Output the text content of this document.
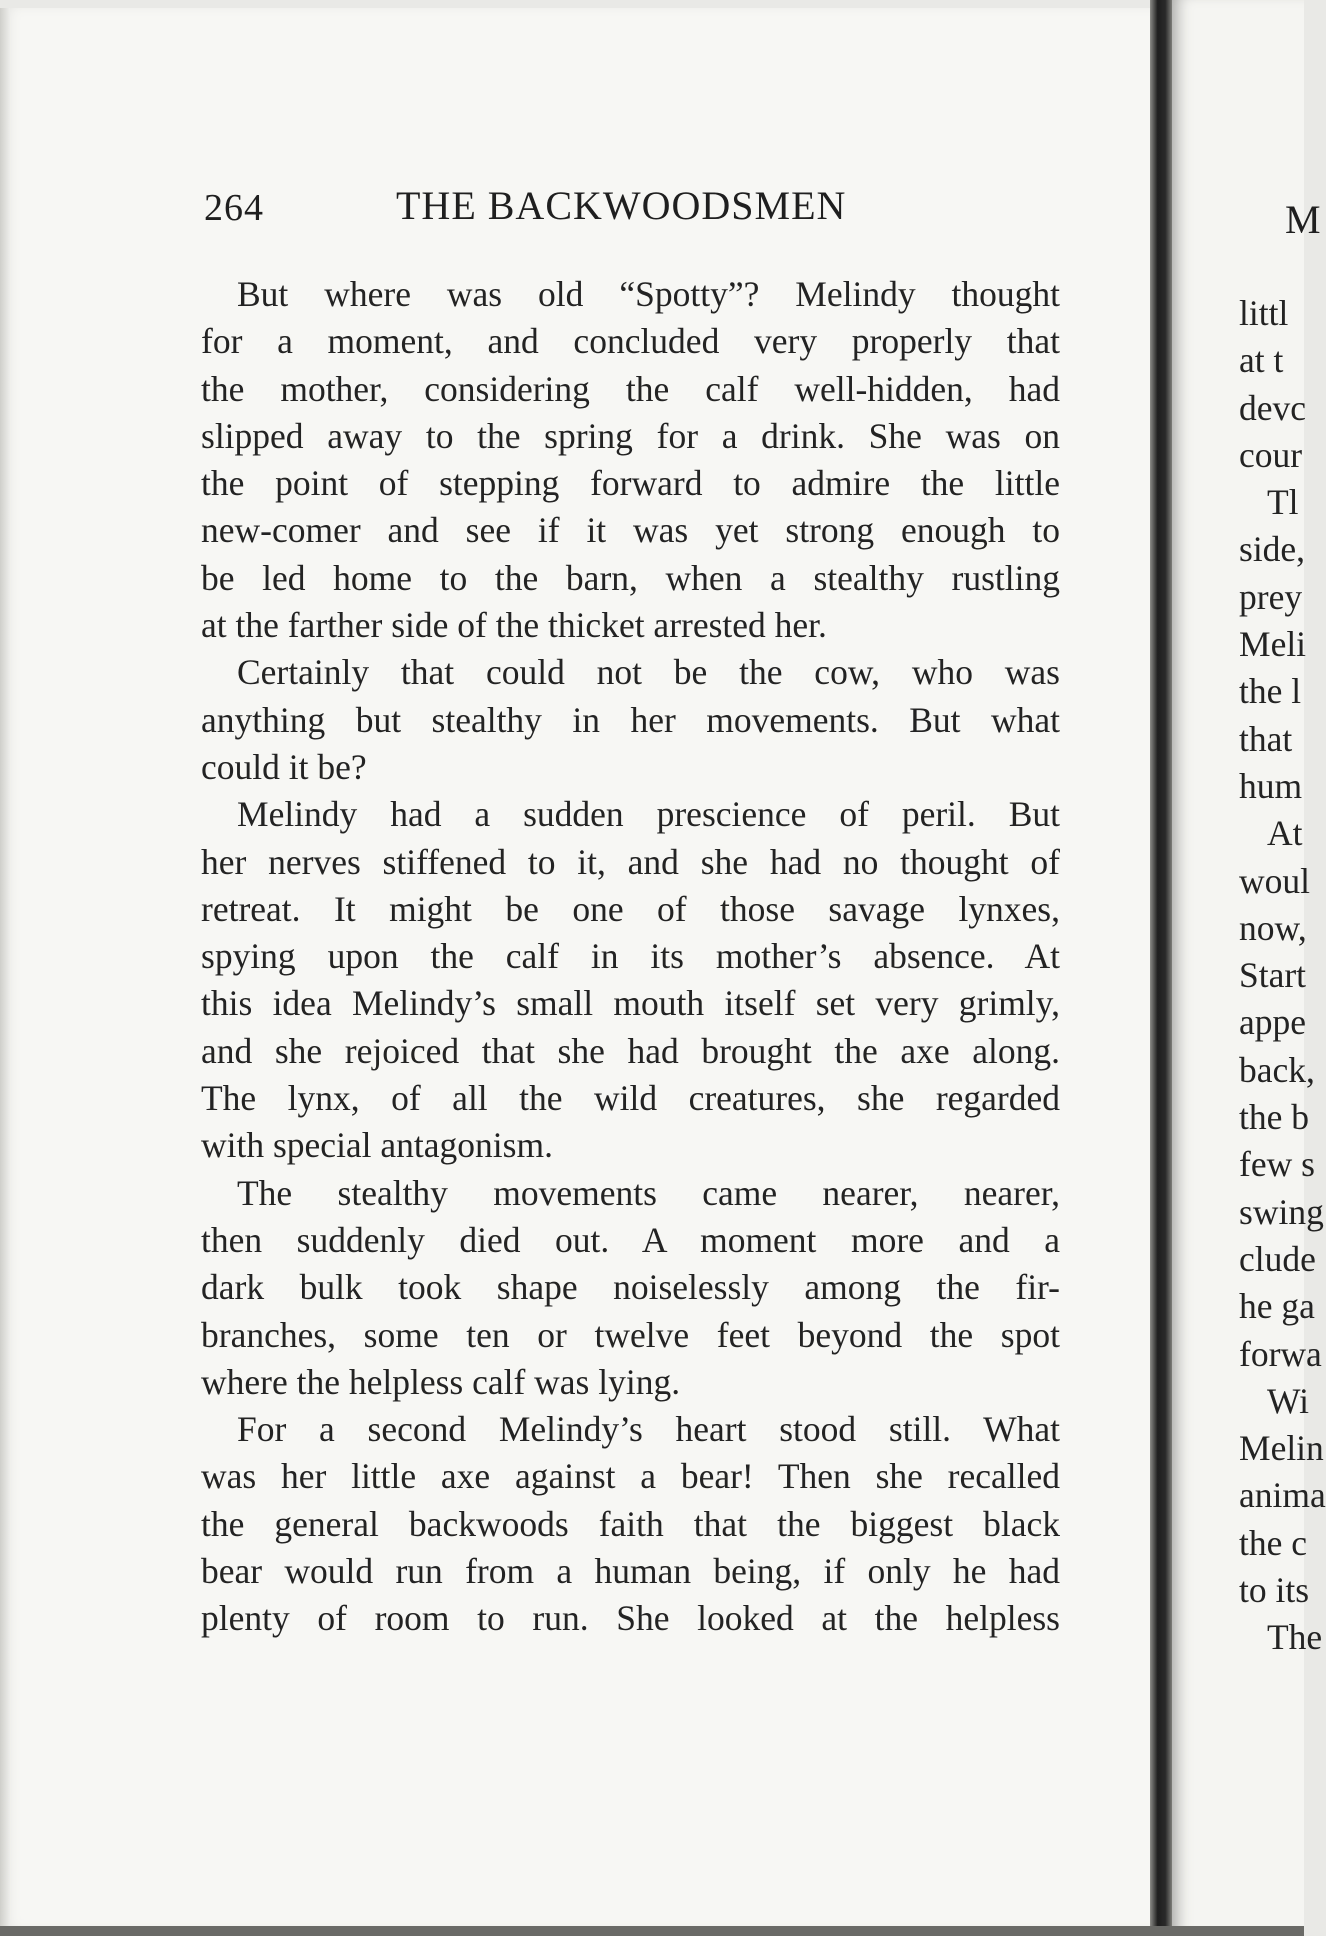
264	THE BACKWOODSMEN
But where was old “Spotty”? Melindy thought
for a moment, and concluded very properly that
the mother, considering the calf well-hidden, had
slipped away to the spring for a drink. She was on
the point of stepping forward to admire the little
new-comer and see if it was yet strong enough to
be led home to the barn, when a stealthy rustling
at the farther side of the thicket arrested her.
Certainly that could not be the cow, who was
anything but stealthy in her movements. But what
could it be?
Melindy had a sudden prescience of peril. But
her nerves stiffened to it, and she had no thought of
retreat. It might be one of those savage lynxes,
spying upon the calf in its mother’s absence. At
this idea Melindy’s small mouth itself set very grimly,
and she rejoiced that she had brought the axe along.
The lynx, of all the wild creatures, she regarded
with special antagonism.
The stealthy movements came nearer, nearer,
then suddenly died out. A moment more and a
dark bulk took shape noiselessly among the fir-
branches, some ten or twelve feet beyond the spot
where the helpless calf was lying.
For a second Melindy’s heart stood still. What
was her little axe against a bear! Then she recalled
the general backwoods faith that the biggest black
bear would run from a human being, if only he had
plenty of room to run. She looked at the helpless
M
littl
at t
devc
cour
Tl
side,
prey
Meli
the l
that
hum
At
woul
now,
Start
appe
back,
the b
few s
swing
clude
he ga
forwa
Wi
Melin
anima
the c
to its
The
